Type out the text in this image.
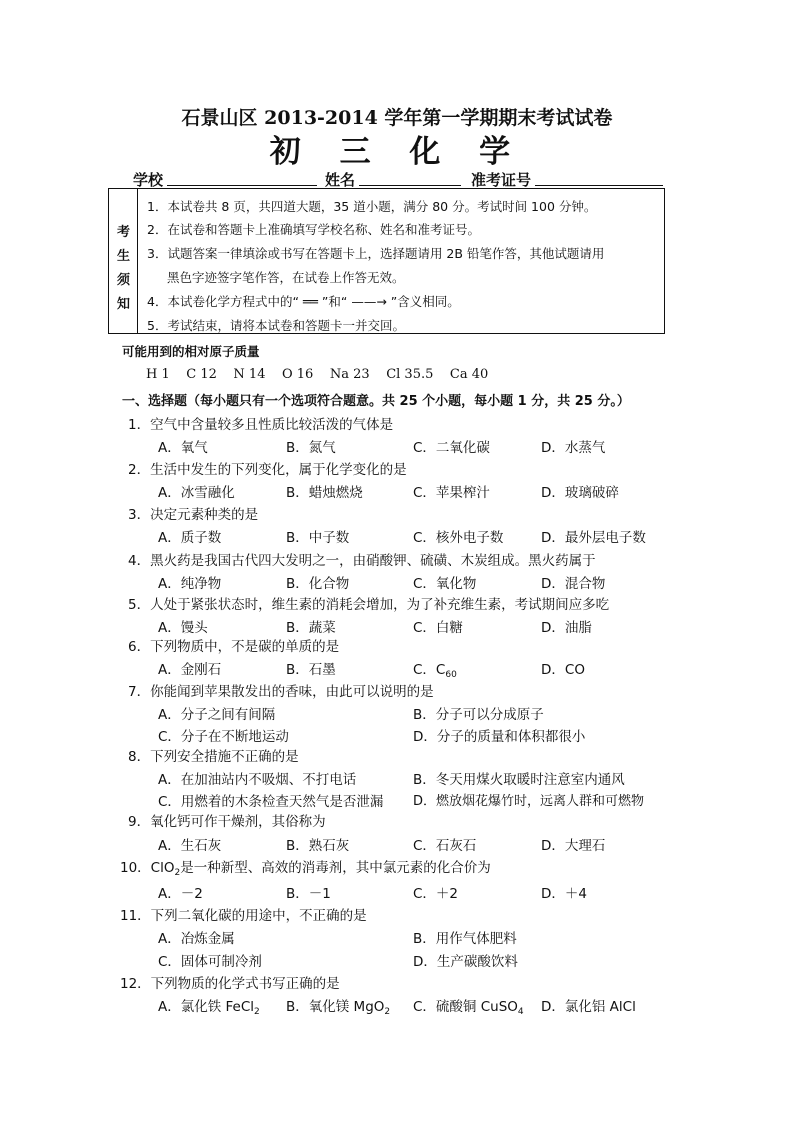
石景山区 2013-2014 学年第一学期期末考试试卷
初 三 化 学
学校	姓名	准考证号
考
生
须
知
1．本试卷共 8 页，共四道大题，35 道小题，满分 80 分。考试时间 100 分钟。
2．在试卷和答题卡上准确填写学校名称、姓名和准考证号。
3．试题答案一律填涂或书写在答题卡上，选择题请用 2B 铅笔作答，其他试题请用
黑色字迹签字笔作答，在试卷上作答无效。
4．本试卷化学方程式中的“ ══ ”和“ ——→ ”含义相同。
5．考试结束，请将本试卷和答题卡一并交回。
可能用到的相对原子质量
H 1    C 12    N 14    O 16    Na 23    Cl 35.5    Ca 40
一、选择题（每小题只有一个选项符合题意。共 25 个小题，每小题 1 分，共 25 分。）
1．空气中含量较多且性质比较活泼的气体是
A．氧气	B．氮气	C．二氧化碳	D．水蒸气
2．生活中发生的下列变化，属于化学变化的是
A．冰雪融化	B．蜡烛燃烧	C．苹果榨汁	D．玻璃破碎
3．决定元素种类的是
A．质子数	B．中子数	C．核外电子数	D．最外层电子数
4．黑火药是我国古代四大发明之一，由硝酸钾、硫磺、木炭组成。黑火药属于
A．纯净物	B．化合物	C．氧化物	D．混合物
5．人处于紧张状态时，维生素的消耗会增加，为了补充维生素，考试期间应多吃
A．馒头	B．蔬菜	C．白糖	D．油脂
6．下列物质中，不是碳的单质的是
A．金刚石	B．石墨	C．$C_{60}$	D．CO
7．你能闻到苹果散发出的香味，由此可以说明的是
A．分子之间有间隔	B．分子可以分成原子
C．分子在不断地运动	D．分子的质量和体积都很小
8．下列安全措施不正确的是
A．在加油站内不吸烟、不打电话	B．冬天用煤火取暖时注意室内通风
C．用燃着的木条检查天然气是否泄漏 D．燃放烟花爆竹时，远离人群和可燃物
9．氧化钙可作干燥剂，其俗称为
A．生石灰	B．熟石灰	C．石灰石	D．大理石
10．ClO$_2$是一种新型、高效的消毒剂，其中氯元素的化合价为
A．－2	B．－1	C．＋2	D．＋4
11．下列二氧化碳的用途中，不正确的是
A．冶炼金属	B．用作气体肥料
C．固体可制冷剂	D．生产碳酸饮料
12．下列物质的化学式书写正确的是
A．氯化铁 FeCl$_2$ B．氧化镁 MgO$_2$ C．硫酸铜 CuSO$_4$ D．氯化铝 AlCl
